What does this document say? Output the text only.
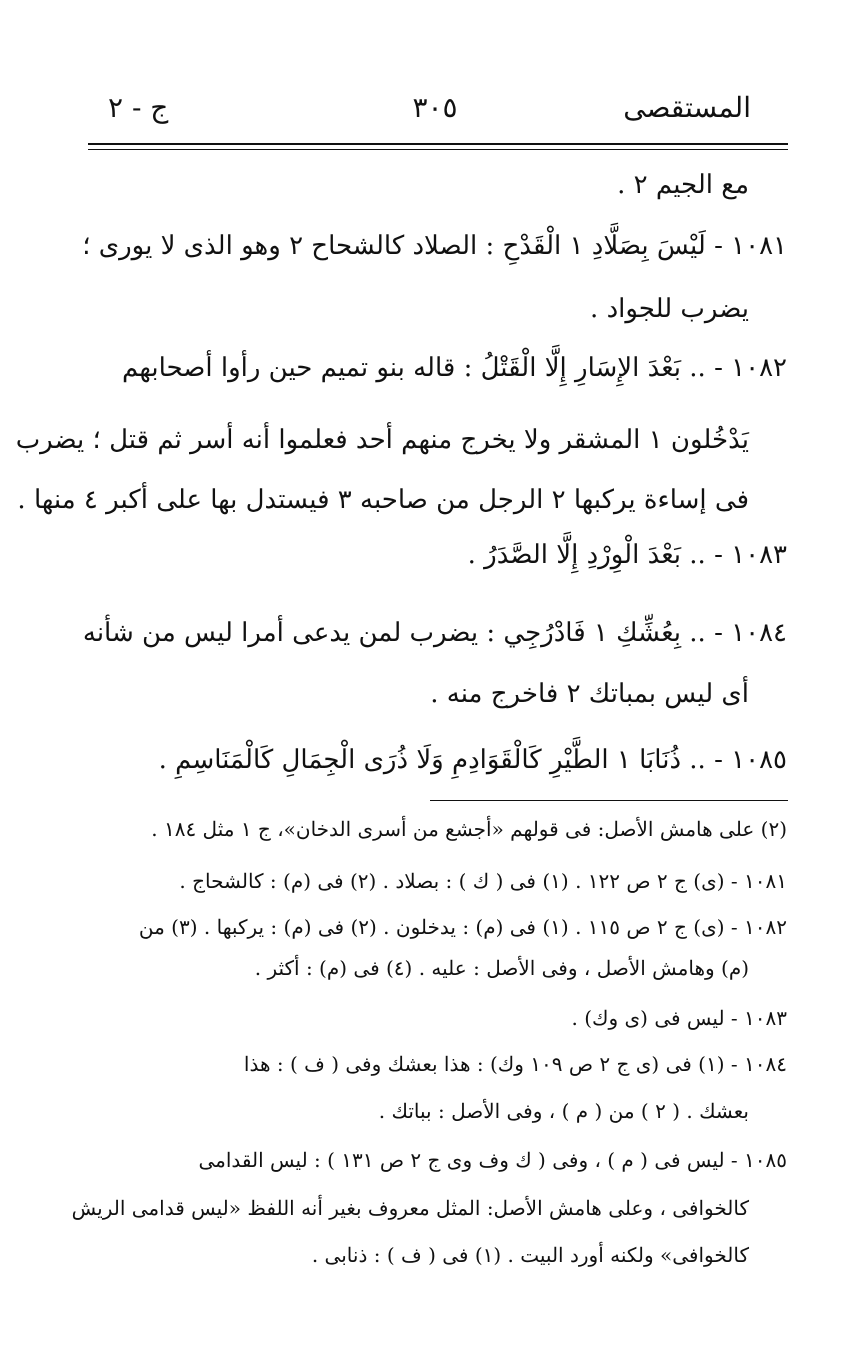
المستقصى
٣٠٥
ج - ٢
مع الجيم ٢ .
١٠٨١ - لَيْسَ بِصَلَّادِ ١ الْقَدْحِ : الصلاد كالشحاح ٢ وهو الذى لا يورى ؛
يضرب للجواد .
١٠٨٢ - .. بَعْدَ الإِسَارِ إِلَّا الْقَتْلُ : قاله بنو تميم حين رأوا أصحابهم
يَدْخُلون ١ المشقر ولا يخرج منهم أحد فعلموا أنه أسر ثم قتل ؛ يضرب
فى إساءة يركبها ٢ الرجل من صاحبه ٣ فيستدل بها على أكبر ٤ منها .
١٠٨٣ - .. بَعْدَ الْوِرْدِ إِلَّا الصَّدَرُ .
١٠٨٤ - .. بِعُشِّكِ ١ فَادْرُجِي : يضرب لمن يدعى أمرا ليس من شأنه
أى ليس بمباتك ٢ فاخرج منه .
١٠٨٥ - .. ذُنَابَا ١ الطَّيْرِ كَالْقَوَادِمِ وَلَا ذُرَى الْجِمَالِ كَالْمَنَاسِمِ .
(٢) على هامش الأصل: فى قولهم «أجشع من أسرى الدخان»، ج ١ مثل ١٨٤ .
١٠٨١ - (ى) ج ٢ ص ١٢٢ . (١) فى ( ك ) : بصلاد . (٢) فى (م) : كالشحاج .
١٠٨٢ - (ى) ج ٢ ص ١١٥ . (١) فى (م) : يدخلون . (٢) فى (م) : يركبها . (٣) من
(م) وهامش الأصل ، وفى الأصل : عليه . (٤) فى (م) : أكثر .
١٠٨٣ - ليس فى (ى وك) .
١٠٨٤ - (١) فى (ى ج ٢ ص ١٠٩ وك) : هذا بعشك وفى ( ف ) : هذا
بعشك . ( ٢ ) من ( م ) ، وفى الأصل : بباتك .
١٠٨٥ - ليس فى ( م ) ، وفى ( ك وف وى ج ٢ ص ١٣١ ) : ليس القدامى
كالخوافى ، وعلى هامش الأصل: المثل معروف بغير أنه اللفظ «ليس قدامى الريش
كالخوافى» ولكنه أورد البيت . (١) فى ( ف ) : ذنابى .
